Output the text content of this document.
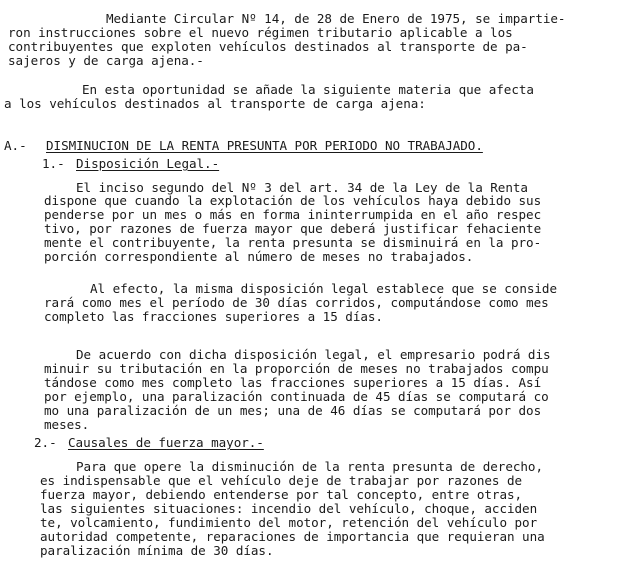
Mediante Circular Nº 14, de 28 de Enero de 1975, se impartie-
ron instrucciones sobre el nuevo régimen tributario aplicable a los
contribuyentes que exploten vehículos destinados al transporte de pa-
sajeros y de carga ajena.-
En esta oportunidad se añade la siguiente materia que afecta
a los vehículos destinados al transporte de carga ajena:
A.- DISMINUCION DE LA RENTA PRESUNTA POR PERIODO NO TRABAJADO.
1.- Disposición Legal.-
El inciso segundo del Nº 3 del art. 34 de la Ley de la Renta
dispone que cuando la explotación de los vehículos haya debido sus
penderse por un mes o más en forma ininterrumpida en el año respec
tivo, por razones de fuerza mayor que deberá justificar fehaciente
mente el contribuyente, la renta presunta se disminuirá en la pro-
porción correspondiente al número de meses no trabajados.
Al efecto, la misma disposición legal establece que se conside
rará como mes el período de 30 días corridos, computándose como mes
completo las fracciones superiores a 15 días.
De acuerdo con dicha disposición legal, el empresario podrá dis
minuir su tributación en la proporción de meses no trabajados compu
tándose como mes completo las fracciones superiores a 15 días. Así
por ejemplo, una paralización continuada de 45 días se computará co
mo una paralización de un mes; una de 46 días se computará por dos
meses.
2.- Causales de fuerza mayor.-
Para que opere la disminución de la renta presunta de derecho,
es indispensable que el vehículo deje de trabajar por razones de
fuerza mayor, debiendo entenderse por tal concepto, entre otras,
las siguientes situaciones: incendio del vehículo, choque, acciden
te, volcamiento, fundimiento del motor, retención del vehículo por
autoridad competente, reparaciones de importancia que requieran una
paralización mínima de 30 días.
